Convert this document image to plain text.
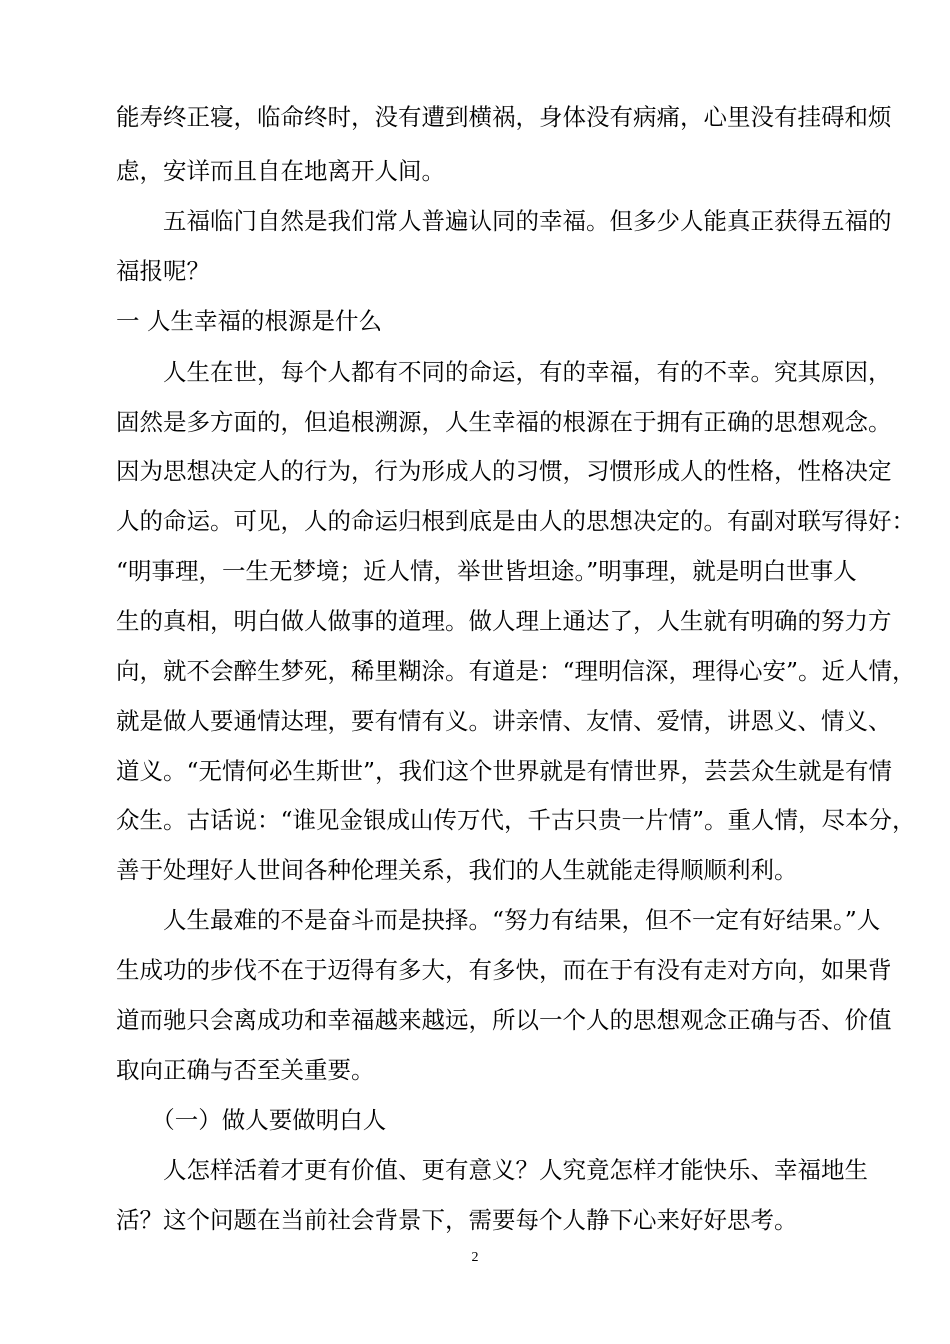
能寿终正寝，临命终时，没有遭到横祸，身体没有病痛，心里没有挂碍和烦
虑，安详而且自在地离开人间。
　　五福临门自然是我们常人普遍认同的幸福。但多少人能真正获得五福的
福报呢？
一 人生幸福的根源是什么
　　人生在世，每个人都有不同的命运，有的幸福，有的不幸。究其原因，
固然是多方面的，但追根溯源，人生幸福的根源在于拥有正确的思想观念。
因为思想决定人的行为，行为形成人的习惯，习惯形成人的性格，性格决定
人的命运。可见，人的命运归根到底是由人的思想决定的。有副对联写得好：
“明事理，一生无梦境；近人情，举世皆坦途。”明事理，就是明白世事人
生的真相，明白做人做事的道理。做人理上通达了，人生就有明确的努力方
向，就不会醉生梦死，稀里糊涂。有道是：“理明信深，理得心安”。近人情，
就是做人要通情达理，要有情有义。讲亲情、友情、爱情，讲恩义、情义、
道义。“无情何必生斯世”，我们这个世界就是有情世界，芸芸众生就是有情
众生。古话说：“谁见金银成山传万代，千古只贵一片情”。重人情，尽本分，
善于处理好人世间各种伦理关系，我们的人生就能走得顺顺利利。
　　人生最难的不是奋斗而是抉择。“努力有结果，但不一定有好结果。”人
生成功的步伐不在于迈得有多大，有多快，而在于有没有走对方向，如果背
道而驰只会离成功和幸福越来越远，所以一个人的思想观念正确与否、价值
取向正确与否至关重要。
　　（一）做人要做明白人
　　人怎样活着才更有价值、更有意义？人究竟怎样才能快乐、幸福地生
活？这个问题在当前社会背景下，需要每个人静下心来好好思考。
2
